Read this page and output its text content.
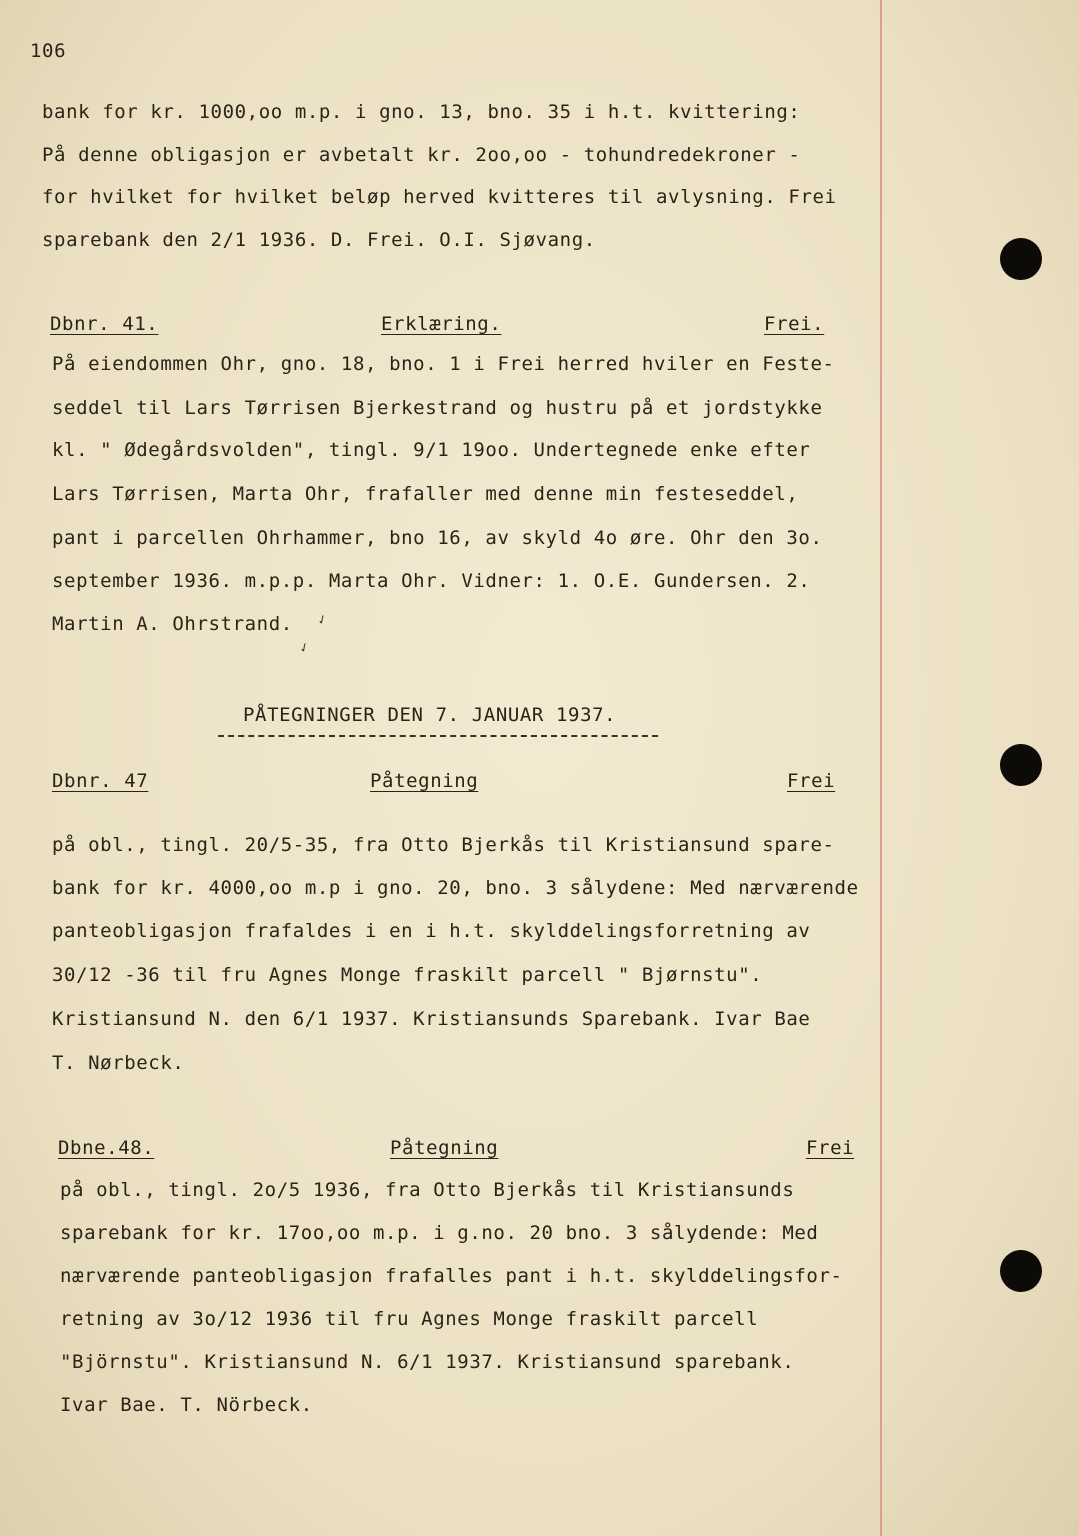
106
bank for kr. 1000,oo m.p. i gno. 13, bno. 35 i h.t. kvittering:
På denne obligasjon er avbetalt kr. 2oo,oo - tohundredekroner -
for hvilket for hvilket beløp herved kvitteres til avlysning. Frei
sparebank den 2/1 1936. D. Frei. O.I. Sjøvang.
Dbnr. 41.	Erklæring.	Frei.
På eiendommen Ohr, gno. 18, bno. 1 i Frei herred hviler en Feste-
seddel til Lars Tørrisen Bjerkestrand og hustru på et jordstykke
kl. " Ødegårdsvolden", tingl. 9/1 19oo. Undertegnede enke efter
Lars Tørrisen, Marta Ohr, frafaller med denne min festeseddel,
pant i parcellen Ohrhammer, bno 16, av skyld 4o øre. Ohr den 3o.
september 1936. m.p.p. Marta Ohr. Vidner: 1. O.E. Gundersen. 2.
Martin A. Ohrstrand. ✓
✓
PÅTEGNINGER DEN 7. JANUAR 1937.
Dbnr. 47	Påtegning	Frei
på obl., tingl. 20/5-35, fra Otto Bjerkås til Kristiansund spare-
bank for kr. 4000,oo m.p i gno. 20, bno. 3 sålydene: Med nærværende
panteobligasjon frafaldes i en i h.t. skylddelingsforretning av
30/12 -36 til fru Agnes Monge fraskilt parcell " Bjørnstu".
Kristiansund N. den 6/1 1937. Kristiansunds Sparebank. Ivar Bae
T. Nørbeck.
Dbne.48.	Påtegning	Frei
på obl., tingl. 2o/5 1936, fra Otto Bjerkås til Kristiansunds
sparebank for kr. 17oo,oo m.p. i g.no. 20 bno. 3 sålydende: Med
nærværende panteobligasjon frafalles pant i h.t. skylddelingsfor-
retning av 3o/12 1936 til fru Agnes Monge fraskilt parcell
"Björnstu". Kristiansund N. 6/1 1937. Kristiansund sparebank.
Ivar Bae. T. Nörbeck.
